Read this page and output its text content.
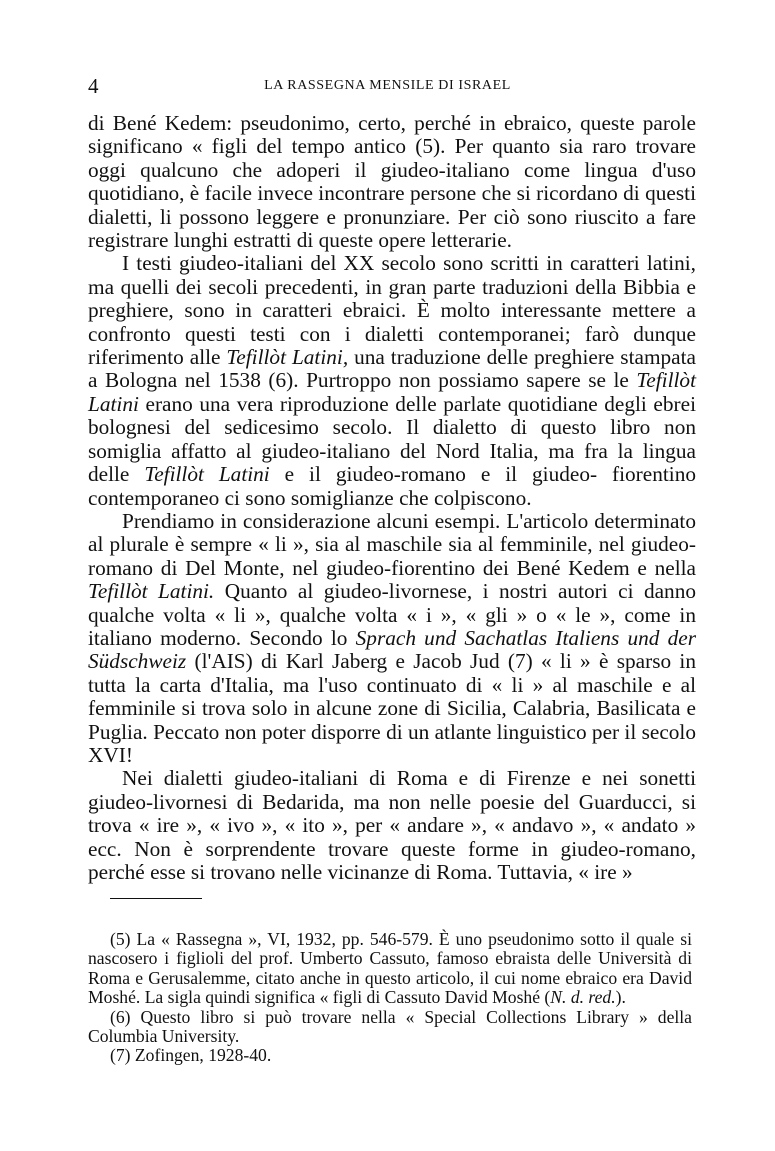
4	LA RASSEGNA MENSILE DI ISRAEL

di Bené Kedem: pseudonimo, certo, perché in ebraico, queste parole significano « figli del tempo antico (5). Per quanto sia raro trovare oggi qualcuno che adoperi il giudeo-italiano come lingua d'uso quotidiano, è facile invece incontrare persone che si ricordano di questi dialetti, li possono leggere e pronunziare. Per ciò sono riuscito a fare registrare lunghi estratti di queste opere letterarie.

I testi giudeo-italiani del XX secolo sono scritti in caratteri latini, ma quelli dei secoli precedenti, in gran parte traduzioni della Bibbia e preghiere, sono in caratteri ebraici. È molto interessante mettere a confronto questi testi con i dialetti contemporanei; farò dunque riferimento alle Tefillòt Latini, una traduzione delle preghiere stampata a Bologna nel 1538 (6). Purtroppo non possiamo sapere se le Tefillòt Latini erano una vera riproduzione delle parlate quotidiane degli ebrei bolognesi del sedicesimo secolo. Il dialetto di questo libro non somiglia affatto al giudeo-italiano del Nord Italia, ma fra la lingua delle Tefillòt Latini e il giudeo-romano e il giudeo- fiorentino contemporaneo ci sono somiglianze che colpiscono.

Prendiamo in considerazione alcuni esempi. L'articolo determinato al plurale è sempre « li », sia al maschile sia al femminile, nel giudeo-romano di Del Monte, nel giudeo-fiorentino dei Bené Kedem e nella Tefillòt Latini. Quanto al giudeo-livornese, i nostri autori ci danno qualche volta « li », qualche volta « i », « gli » o « le », come in italiano moderno. Secondo lo Sprach und Sachatlas Italiens und der Südschweiz (l'AIS) di Karl Jaberg e Jacob Jud (7) « li » è sparso in tutta la carta d'Italia, ma l'uso continuato di « li » al maschile e al femminile si trova solo in alcune zone di Sicilia, Calabria, Basilicata e Puglia. Peccato non poter disporre di un atlante linguistico per il secolo XVI!

Nei dialetti giudeo-italiani di Roma e di Firenze e nei sonetti giudeo-livornesi di Bedarida, ma non nelle poesie del Guarducci, si trova « ire », « ivo », « ito », per « andare », « andavo », « andato » ecc. Non è sorprendente trovare queste forme in giudeo-romano, perché esse si trovano nelle vicinanze di Roma. Tuttavia, « ire »

(5) La « Rassegna », VI, 1932, pp. 546-579. È uno pseudonimo sotto il quale si nascosero i figlioli del prof. Umberto Cassuto, famoso ebraista delle Università di Roma e Gerusalemme, citato anche in questo articolo, il cui nome ebraico era David Moshé. La sigla quindi significa « figli di Cassuto David Moshé (N. d. red.).

(6) Questo libro si può trovare nella « Special Collections Library » della Columbia University.

(7) Zofingen, 1928-40.
